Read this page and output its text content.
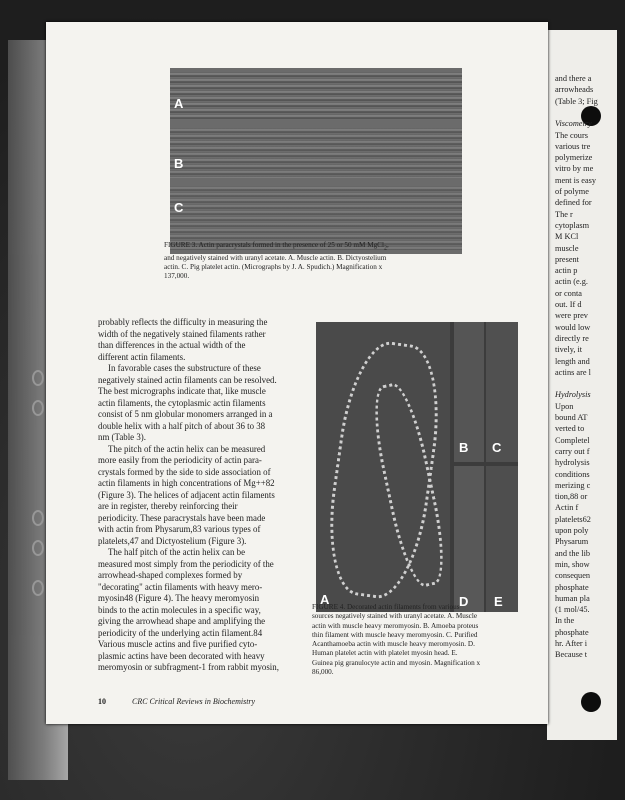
and there a
arrowheads
(Table 3; Fig
Viscometry
The cours
various tre
polymerize
vitro by me
ment is easy
of polyme
defined for
The r
cytoplasm
M KCl
muscle
present
actin p
actin (e.g.
or conta
out. If d
were prev
would low
directly re
tively, it
length and
actins are l
Hydrolysis
Upon
bound AT
verted to
Completel
carry out f
hydrolysis
conditions
merizing c
tion,88 or
Actin f
platelets62
upon poly
Physarum
and the lib
min, show
consequen
phosphate
human pla
(1 mol/45.
In the
phosphate
hr. After i
Because t
A
B
C
FIGURE 3. Actin paracrystals formed in the presence of 25 or 50 mM MgCl$_2$,
and negatively stained with uranyl acetate. A. Muscle actin. B. Dictyostelium
actin. C. Pig platelet actin. (Micrographs by J. A. Spudich.) Magnification x
137,000.
A
B C
D E
FIGURE 4. Decorated actin filaments from various
sources negatively stained with uranyl acetate. A. Muscle
actin with muscle heavy meromyosin. B. Amoeba proteus
thin filament with muscle heavy meromyosin. C. Purified
Acanthamoeba actin with muscle heavy meromyosin. D.
Human platelet actin with platelet myosin head. E.
Guinea pig granulocyte actin and myosin. Magnification x
86,000.
probably reflects the difficulty in measuring the
width of the negatively stained filaments rather
than differences in the actual width of the
different actin filaments.
In favorable cases the substructure of these
negatively stained actin filaments can be resolved.
The best micrographs indicate that, like muscle
actin filaments, the cytoplasmic actin filaments
consist of 5 nm globular monomers arranged in a
double helix with a half pitch of about 36 to 38
nm (Table 3).
The pitch of the actin helix can be measured
more easily from the periodicity of actin para-
crystals formed by the side to side association of
actin filaments in high concentrations of Mg++82
(Figure 3). The helices of adjacent actin filaments
are in register, thereby reinforcing their
periodicity. These paracrystals have been made
with actin from Physarum,83 various types of
platelets,47 and Dictyostelium (Figure 3).
The half pitch of the actin helix can be
measured most simply from the periodicity of the
arrowhead-shaped complexes formed by
"decorating" actin filaments with heavy mero-
myosin48 (Figure 4). The heavy meromyosin
binds to the actin molecules in a specific way,
giving the arrowhead shape and amplifying the
periodicity of the underlying actin filament.84
Various muscle actins and five purified cyto-
plasmic actins have been decorated with heavy
meromyosin or subfragment-1 from rabbit myosin,
10	CRC Critical Reviews in Biochemistry
